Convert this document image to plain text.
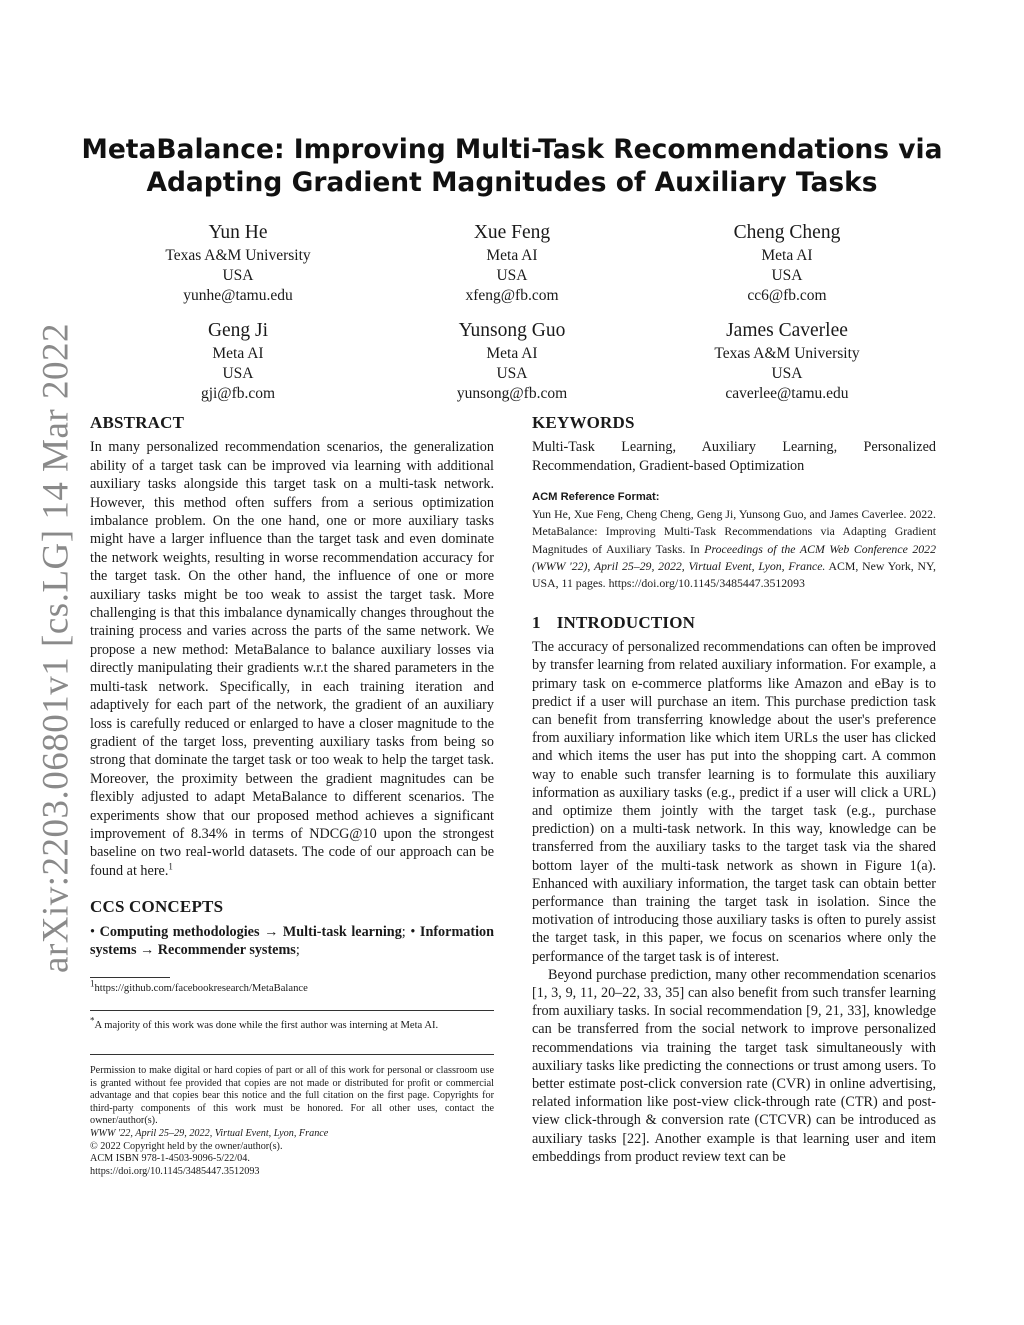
MetaBalance: Improving Multi-Task Recommendations via
Adapting Gradient Magnitudes of Auxiliary Tasks
arXiv:2203.06801v1 [cs.LG] 14 Mar 2022
Yun He
Texas A&M University
USA
yunhe@tamu.edu
Xue Feng
Meta AI
USA
xfeng@fb.com
Cheng Cheng
Meta AI
USA
cc6@fb.com
Geng Ji
Meta AI
USA
gji@fb.com
Yunsong Guo
Meta AI
USA
yunsong@fb.com
James Caverlee
Texas A&M University
USA
caverlee@tamu.edu
ABSTRACT

In many personalized recommendation scenarios, the generalization ability of a target task can be improved via learning with additional auxiliary tasks alongside this target task on a multi-task network. However, this method often suffers from a serious optimization imbalance problem. On the one hand, one or more auxiliary tasks might have a larger influence than the target task and even dominate the network weights, resulting in worse recommendation accuracy for the target task. On the other hand, the influence of one or more auxiliary tasks might be too weak to assist the target task. More challenging is that this imbalance dynamically changes throughout the training process and varies across the parts of the same network. We propose a new method: MetaBalance to balance auxiliary losses via directly manipulating their gradients w.r.t the shared parameters in the multi-task network. Specifically, in each training iteration and adaptively for each part of the network, the gradient of an auxiliary loss is carefully reduced or enlarged to have a closer magnitude to the gradient of the target loss, preventing auxiliary tasks from being so strong that dominate the target task or too weak to help the target task. Moreover, the proximity between the gradient magnitudes can be flexibly adjusted to adapt MetaBalance to different scenarios. The experiments show that our proposed method achieves a significant improvement of 8.34% in terms of NDCG@10 upon the strongest baseline on two real-world datasets. The code of our approach can be found at here.$^1$

CCS CONCEPTS

• Computing methodologies → Multi-task learning; • Information systems → Recommender systems;

$^1$https://github.com/facebookresearch/MetaBalance
*A majority of this work was done while the first author was interning at Meta AI.
Permission to make digital or hard copies of part or all of this work for personal or classroom use is granted without fee provided that copies are not made or distributed for profit or commercial advantage and that copies bear this notice and the full citation on the first page. Copyrights for third-party components of this work must be honored. For all other uses, contact the owner/author(s).
WWW '22, April 25–29, 2022, Virtual Event, Lyon, France
© 2022 Copyright held by the owner/author(s).
ACM ISBN 978-1-4503-9096-5/22/04.
https://doi.org/10.1145/3485447.3512093
KEYWORDS

Multi-Task Learning, Auxiliary Learning, Personalized Recommendation, Gradient-based Optimization

ACM Reference Format:
Yun He, Xue Feng, Cheng Cheng, Geng Ji, Yunsong Guo, and James Caverlee. 2022. MetaBalance: Improving Multi-Task Recommendations via Adapting Gradient Magnitudes of Auxiliary Tasks. In Proceedings of the ACM Web Conference 2022 (WWW '22), April 25–29, 2022, Virtual Event, Lyon, France. ACM, New York, NY, USA, 11 pages. https://doi.org/10.1145/3485447.3512093
1 INTRODUCTION

The accuracy of personalized recommendations can often be improved by transfer learning from related auxiliary information. For example, a primary task on e-commerce platforms like Amazon and eBay is to predict if a user will purchase an item. This purchase prediction task can benefit from transferring knowledge about the user's preference from auxiliary information like which item URLs the user has clicked and which items the user has put into the shopping cart. A common way to enable such transfer learning is to formulate this auxiliary information as auxiliary tasks (e.g., predict if a user will click a URL) and optimize them jointly with the target task (e.g., purchase prediction) on a multi-task network. In this way, knowledge can be transferred from the auxiliary tasks to the target task via the shared bottom layer of the multi-task network as shown in Figure 1(a). Enhanced with auxiliary information, the target task can obtain better performance than training the target task in isolation. Since the motivation of introducing those auxiliary tasks is often to purely assist the target task, in this paper, we focus on scenarios where only the performance of the target task is of interest.

Beyond purchase prediction, many other recommendation scenarios [1, 3, 9, 11, 20–22, 33, 35] can also benefit from such transfer learning from auxiliary tasks. In social recommendation [9, 21, 33], knowledge can be transferred from the social network to improve personalized recommendations via training the target task simultaneously with auxiliary tasks like predicting the connections or trust among users. To better estimate post-click conversion rate (CVR) in online advertising, related information like post-view click-through rate (CTR) and post-view click-through & conversion rate (CTCVR) can be introduced as auxiliary tasks [22]. Another example is that learning user and item embeddings from product review text can be
